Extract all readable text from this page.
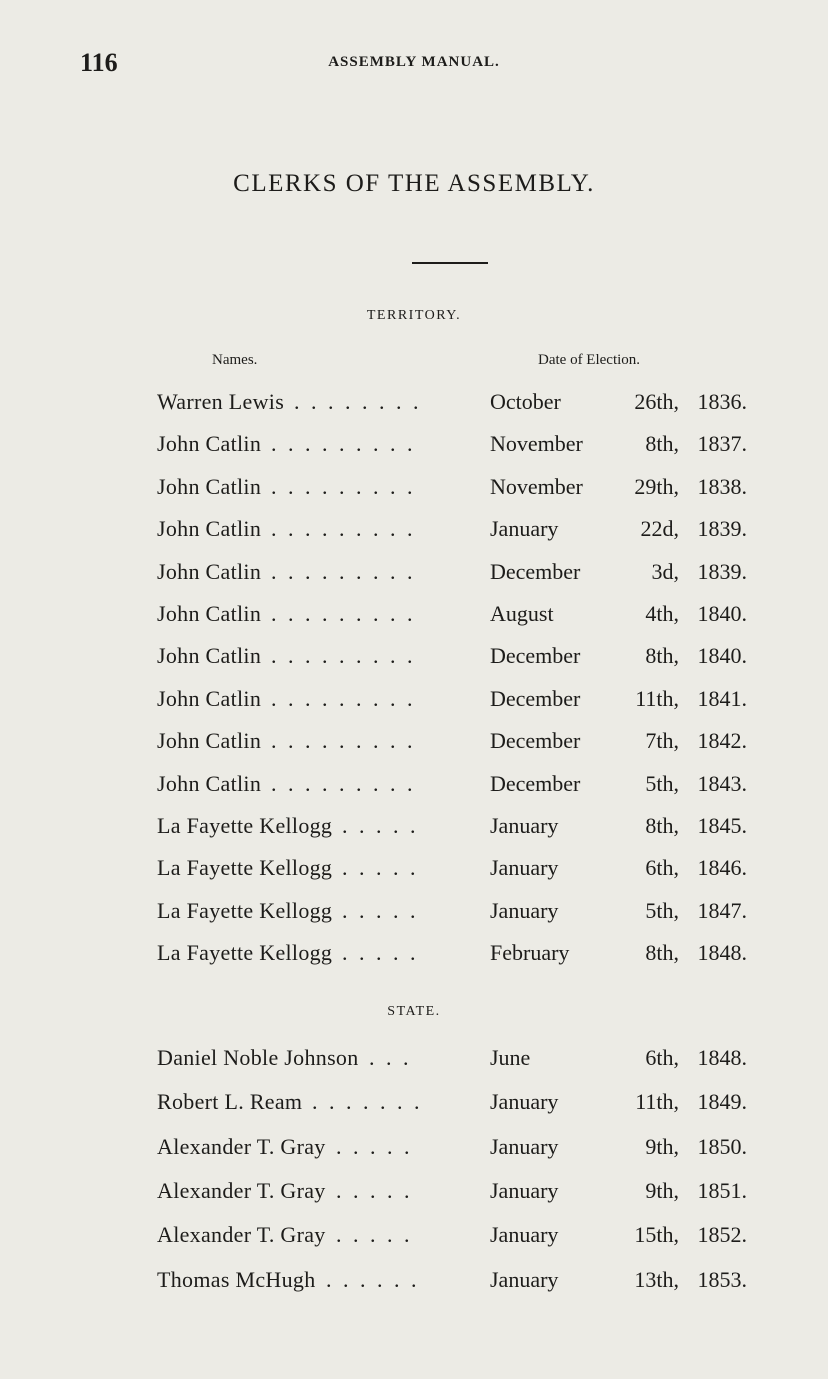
116	ASSEMBLY MANUAL.
CLERKS OF THE ASSEMBLY.
TERRITORY.
Names.	Date of Election.
Warren Lewis . . . . . . . .	October	26th, 1836.
John Catlin . . . . . . . . .	November	8th, 1837.
John Catlin . . . . . . . . .	November 29th, 1838.
John Catlin . . . . . . . . .	January	22d, 1839.
John Catlin . . . . . . . . .	December	3d, 1839.
John Catlin . . . . . . . . .	August	4th, 1840.
John Catlin . . . . . . . . .	December	8th, 1840.
John Catlin . . . . . . . . .	December 11th, 1841.
John Catlin . . . . . . . . .	December	7th, 1842.
John Catlin . . . . . . . . .	December	5th, 1843.
La Fayette Kellogg . . . . .	January	8th, 1845.
La Fayette Kellogg . . . . .	January	6th, 1846.
La Fayette Kellogg . . . . .	January	5th, 1847.
La Fayette Kellogg . . . . .	February	8th, 1848.
STATE.
Daniel Noble Johnson . . .	June	6th, 1848.
Robert L. Ream . . . . . . .	January	11th, 1849.
Alexander T. Gray . . . . .	January	9th, 1850.
Alexander T. Gray . . . . .	January	9th, 1851.
Alexander T. Gray . . . . .	January	15th, 1852.
Thomas McHugh . . . . . .	January	13th, 1853.
